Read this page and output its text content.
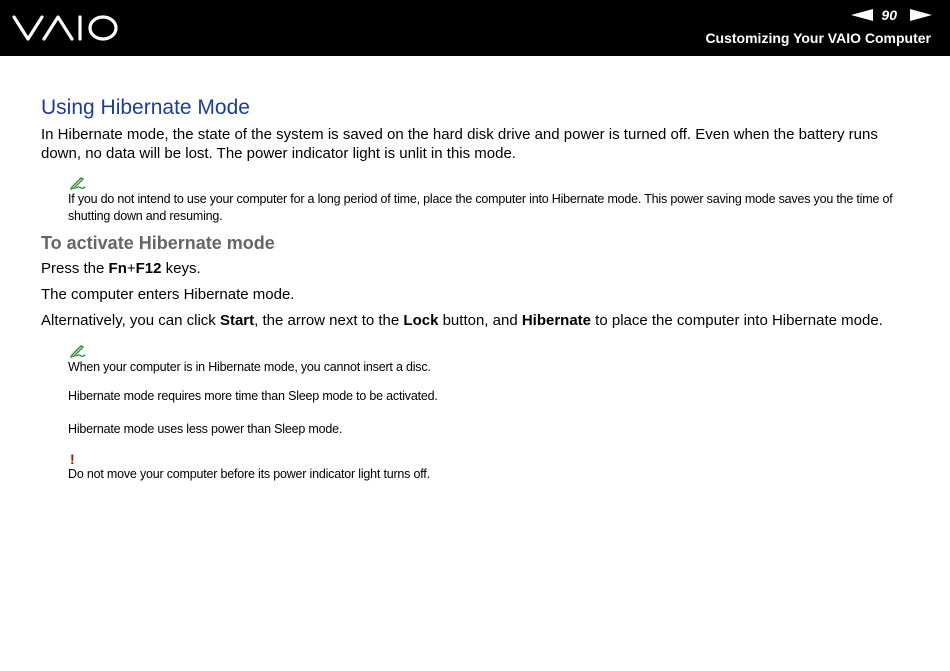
90
Customizing Your VAIO Computer
Using Hibernate Mode

In Hibernate mode, the state of the system is saved on the hard disk drive and power is turned off. Even when the battery runs down, no data will be lost. The power indicator light is unlit in this mode.

If you do not intend to use your computer for a long period of time, place the computer into Hibernate mode. This power saving mode saves you the time of shutting down and resuming.
To activate Hibernate mode

Press the Fn+F12 keys.

The computer enters Hibernate mode.

Alternatively, you can click Start, the arrow next to the Lock button, and Hibernate to place the computer into Hibernate mode.

When your computer is in Hibernate mode, you cannot insert a disc.
Hibernate mode requires more time than Sleep mode to be activated.
Hibernate mode uses less power than Sleep mode.
!
Do not move your computer before its power indicator light turns off.
